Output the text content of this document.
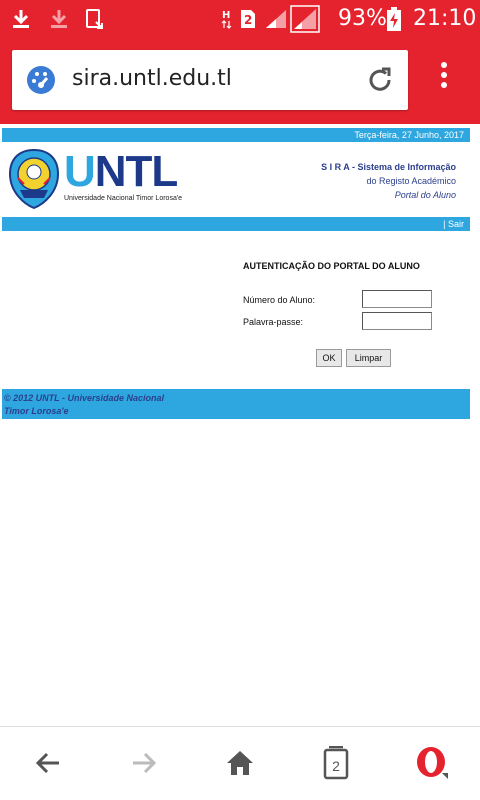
H 2	93% 21:10
sira.untl.edu.tl
Terça-feira, 27 Junho, 2017
UNTL
Universidade Nacional Timor Lorosa'e
S I R A - Sistema de Informação
do Registo Académico
Portal do Aluno
| Sair
AUTENTICAÇÃO DO PORTAL DO ALUNO
Número do Aluno:
Palavra-passe:
OK	Limpar
© 2012 UNTL - Universidade Nacional
Timor Lorosa'e
2
